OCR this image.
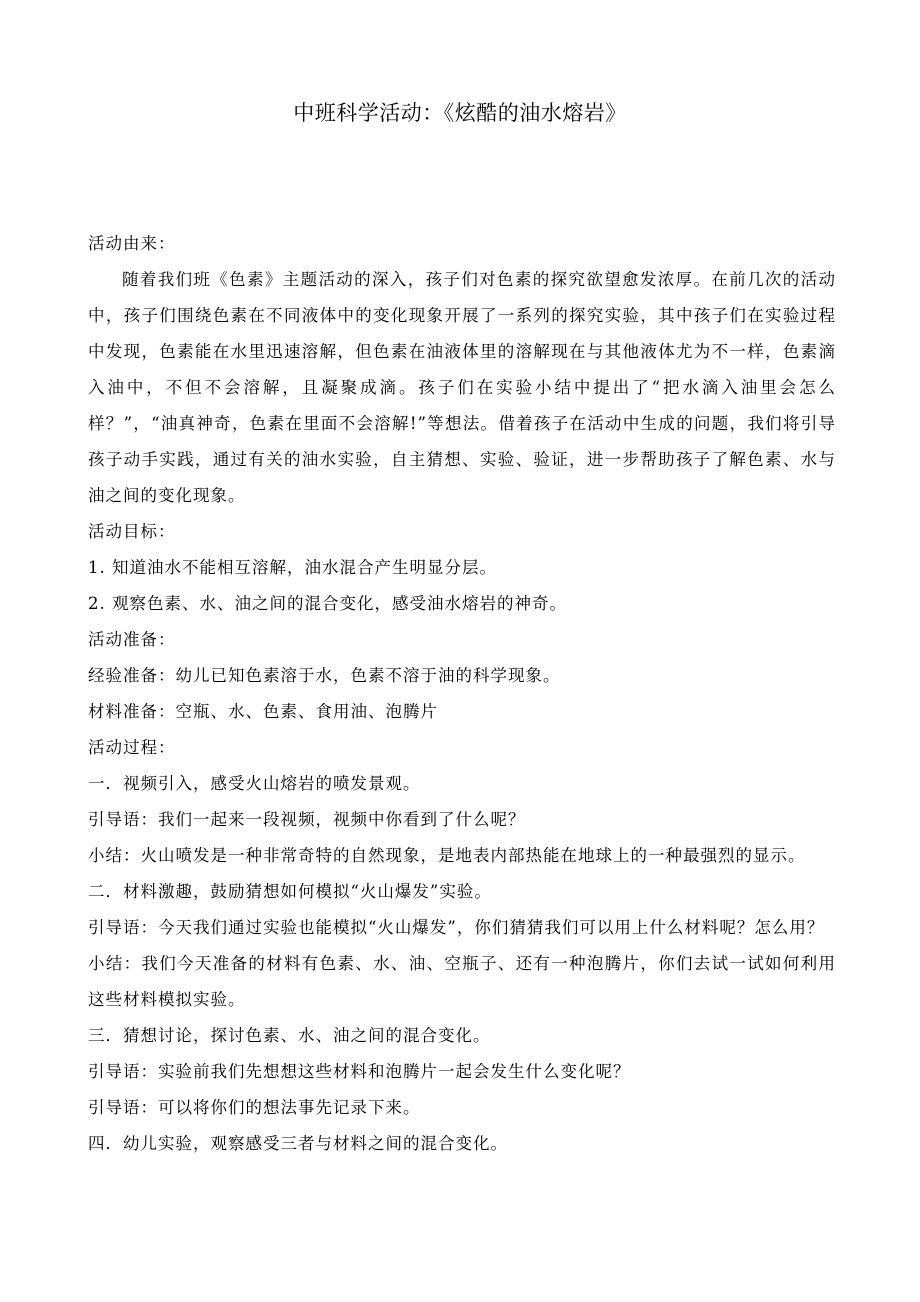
中班科学活动：《炫酷的油水熔岩》

活动由来：

随着我们班《色素》主题活动的深入，孩子们对色素的探究欲望愈发浓厚。在前几次的活动中，孩子们围绕色素在不同液体中的变化现象开展了一系列的探究实验，其中孩子们在实验过程中发现，色素能在水里迅速溶解，但色素在油液体里的溶解现在与其他液体尤为不一样，色素滴入油中，不但不会溶解，且凝聚成滴。孩子们在实验小结中提出了“把水滴入油里会怎么样？”，“油真神奇，色素在里面不会溶解!”等想法。借着孩子在活动中生成的问题，我们将引导孩子动手实践，通过有关的油水实验，自主猜想、实验、验证，进一步帮助孩子了解色素、水与油之间的变化现象。

活动目标：

1. 知道油水不能相互溶解，油水混合产生明显分层。

2. 观察色素、水、油之间的混合变化，感受油水熔岩的神奇。

活动准备：

经验准备：幼儿已知色素溶于水，色素不溶于油的科学现象。

材料准备：空瓶、水、色素、食用油、泡腾片

活动过程：

一．视频引入，感受火山熔岩的喷发景观。

引导语：我们一起来一段视频，视频中你看到了什么呢？

小结：火山喷发是一种非常奇特的自然现象，是地表内部热能在地球上的一种最强烈的显示。

二．材料激趣，鼓励猜想如何模拟“火山爆发”实验。

引导语：今天我们通过实验也能模拟“火山爆发”，你们猜猜我们可以用上什么材料呢？怎么用？

小结：我们今天准备的材料有色素、水、油、空瓶子、还有一种泡腾片，你们去试一试如何利用这些材料模拟实验。

三．猜想讨论，探讨色素、水、油之间的混合变化。

引导语：实验前我们先想想这些材料和泡腾片一起会发生什么变化呢？

引导语：可以将你们的想法事先记录下来。

四．幼儿实验，观察感受三者与材料之间的混合变化。
